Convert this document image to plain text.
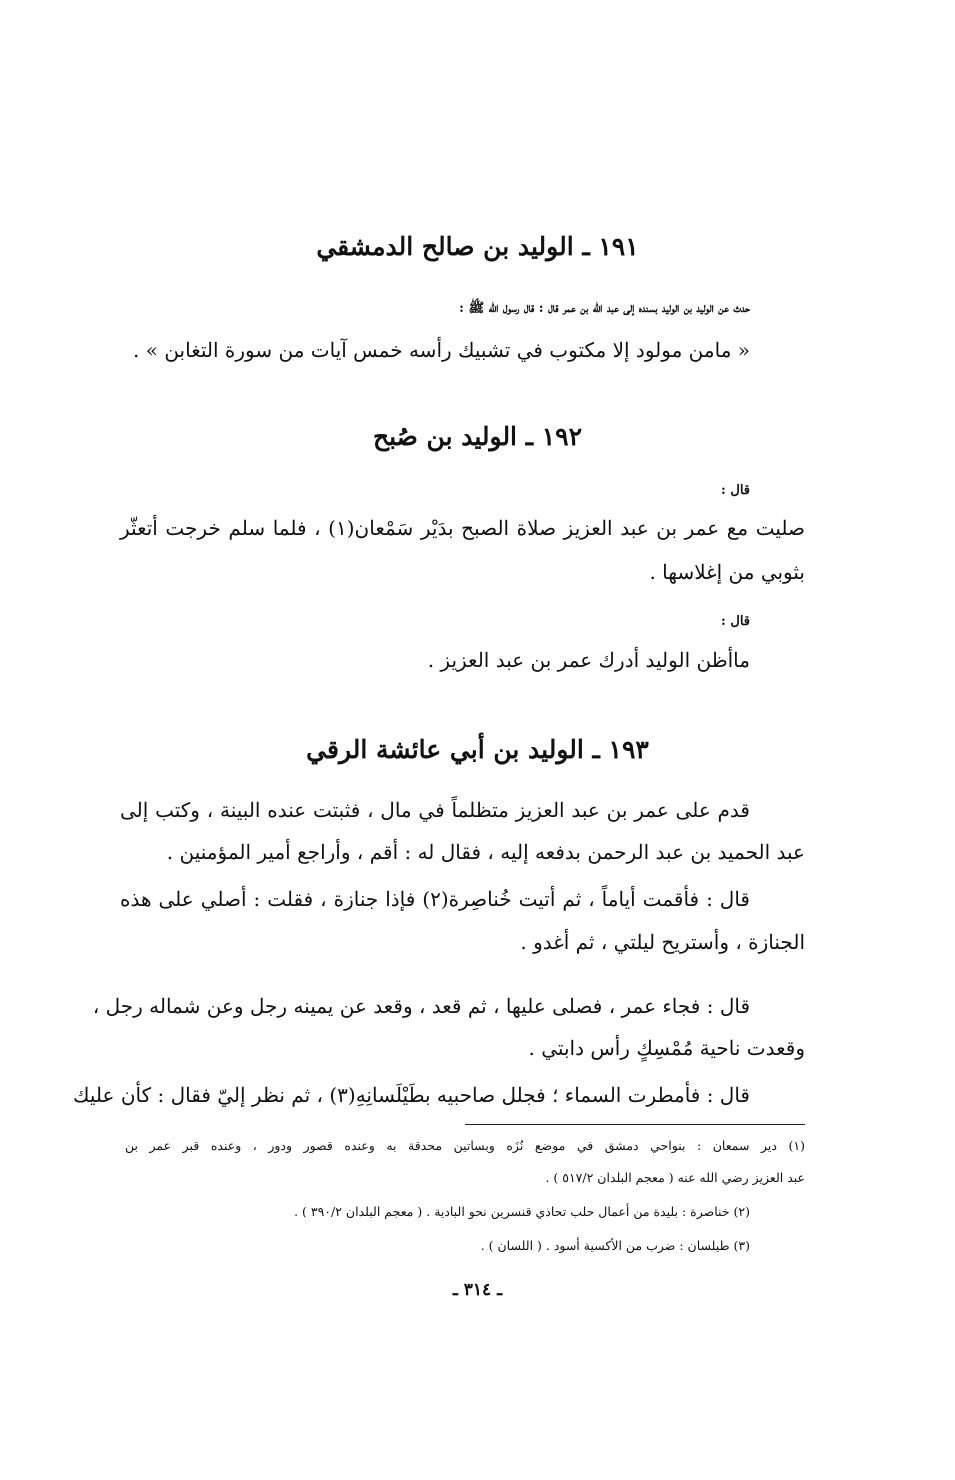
١٩١ ـ الوليد بن صالح الدمشقي
حدث عن الوليد بن الوليد بسنده إلى عبد الله بن عمر قال : قال رسول الله ﷺ :
« مامن مولود إلا مكتوب في تشبيك رأسه خمس آيات من سورة التغابن » .
١٩٢ ـ الوليد بن صُبح
قال :
صليت مع عمر بن عبد العزيز صلاة الصبح بدَيْر سَمْعان(١) ، فلما سلم خرجت أتعثّر
بثوبي من إغلاسها .
قال :
ماأظن الوليد أدرك عمر بن عبد العزيز .
١٩٣ ـ الوليد بن أبي عائشة الرقي
قدم على عمر بن عبد العزيز متظلماً في مال ، فثبتت عنده البينة ، وكتب إلى
عبد الحميد بن عبد الرحمن بدفعه إليه ، فقال له : أقم ، وأراجع أمير المؤمنين .
قال : فأقمت أياماً ، ثم أتيت خُناصِرة(٢) فإذا جنازة ، فقلت : أصلي على هذه
الجنازة ، وأستريح ليلتي ، ثم أغدو .
قال : فجاء عمر ، فصلى عليها ، ثم قعد ، وقعد عن يمينه رجل وعن شماله رجل ،
وقعدت ناحية مُمْسِكٍ رأس دابتي .
قال : فأمطرت السماء ؛ فجلل صاحبيه بطَيْلَسانِهِ(٣) ، ثم نظر إليّ فقال : كأن عليك
(١) دير سمعان : بنواحي دمشق في موضع نُزَه وبساتين محدقة به وعنده قصور ودور ، وعنده قبر عمر بن
عبد العزيز رضي الله عنه ( معجم البلدان ٥١٧/٢ ) .
(٢) خناصرة : بليدة من أعمال حلب تحاذي قنسرين نحو البادية . ( معجم البلدان ٣٩٠/٢ ) .
(٣) طيلسان : ضرب من الأكسية أسود . ( اللسان ) .
ـ ٣١٤ ـ
